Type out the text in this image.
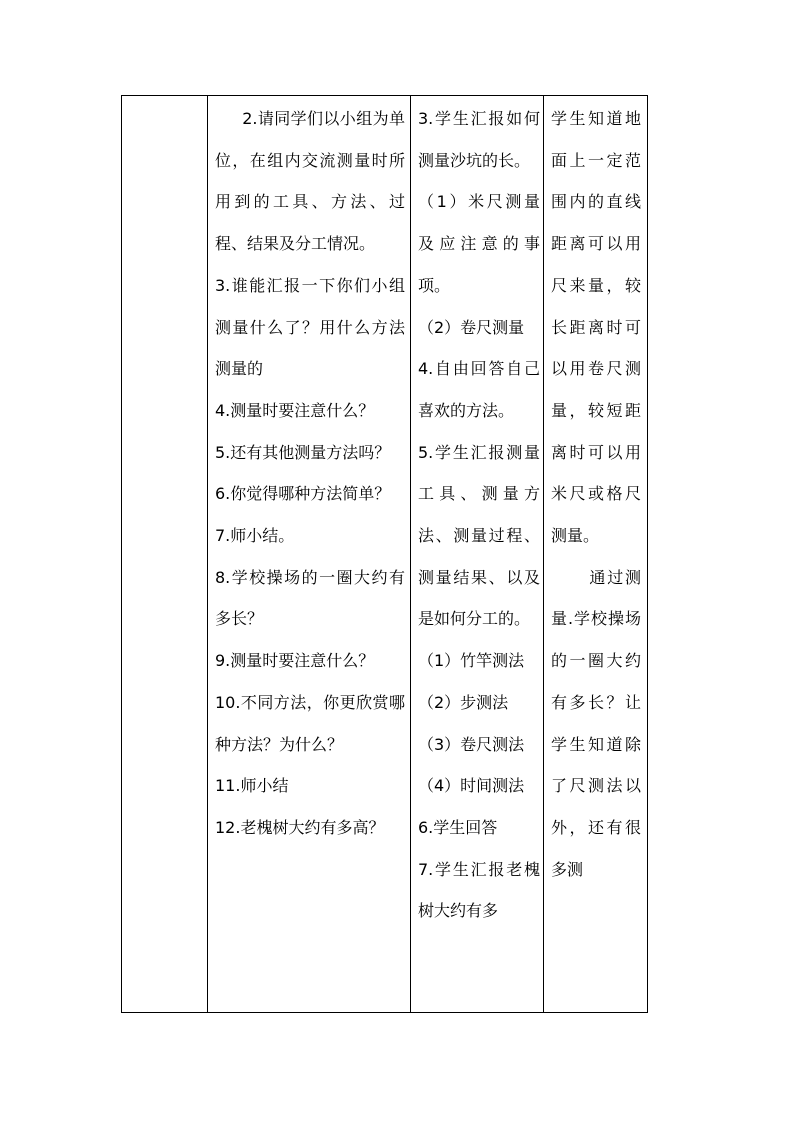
2.请同学们以小组为单位，在组内交流测量时所用到的工具、方法、过程、结果及分工情况。
3.谁能汇报一下你们小组测量什么了？用什么方法测量的
4.测量时要注意什么？
5.还有其他测量方法吗？
6.你觉得哪种方法简单？
7.师小结。
8.学校操场的一圈大约有多长？
9.测量时要注意什么？
10.不同方法，你更欣赏哪种方法？为什么？
11.师小结
12.老槐树大约有多高？

3.学生汇报如何测量沙坑的长。
（1）米尺测量及应注意的事项。
（2）卷尺测量
4.自由回答自己喜欢的方法。
5.学生汇报测量工具、测量方法、测量过程、测量结果、以及是如何分工的。
（1）竹竿测法
（2）步测法
（3）卷尺测法
（4）时间测法
6.学生回答
7.学生汇报老槐树大约有多

学生知道地面上一定范围内的直线距离可以用尺来量，较长距离时可以用卷尺测量，较短距离时可以用米尺或格尺测量。
通过测量.学校操场的一圈大约有多长？让学生知道除了尺测法以外，还有很多测
